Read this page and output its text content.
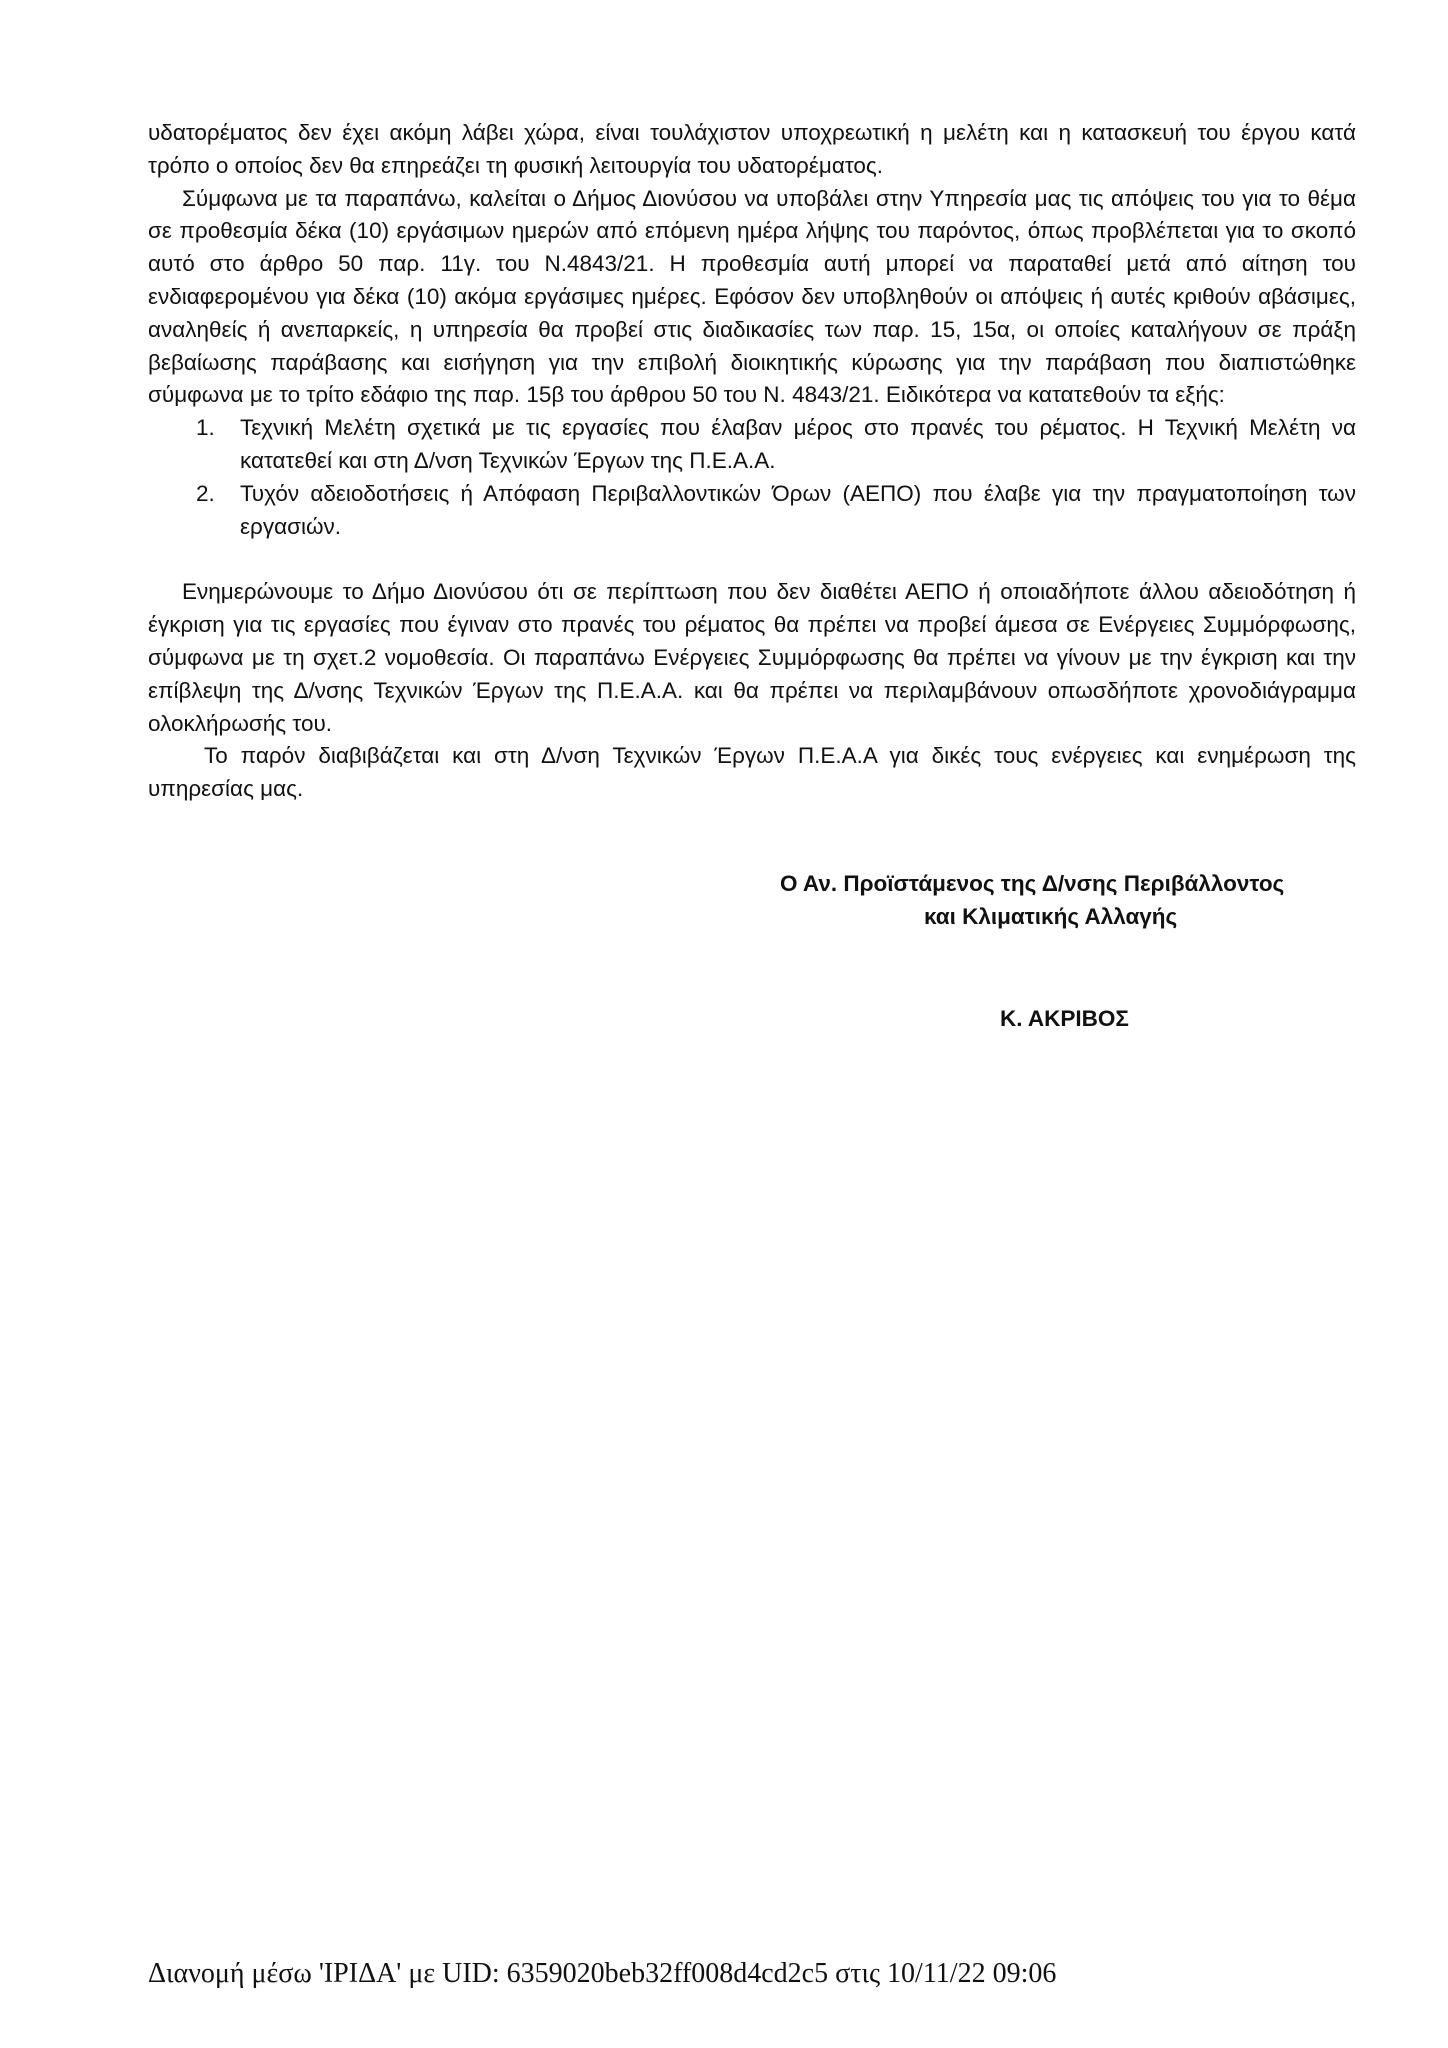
υδατορέματος δεν έχει ακόμη λάβει χώρα, είναι τουλάχιστον υποχρεωτική η μελέτη και η κατασκευή του έργου κατά τρόπο ο οποίος δεν θα επηρεάζει τη φυσική λειτουργία του υδατορέματος.

Σύμφωνα με τα παραπάνω, καλείται ο Δήμος Διονύσου να υποβάλει στην Υπηρεσία μας τις απόψεις του για το θέμα σε προθεσμία δέκα (10) εργάσιμων ημερών από επόμενη ημέρα λήψης του παρόντος, όπως προβλέπεται για το σκοπό αυτό στο άρθρο 50 παρ. 11γ. του Ν.4843/21. Η προθεσμία αυτή μπορεί να παραταθεί μετά από αίτηση του ενδιαφερομένου για δέκα (10) ακόμα εργάσιμες ημέρες. Εφόσον δεν υποβληθούν οι απόψεις ή αυτές κριθούν αβάσιμες, αναληθείς ή ανεπαρκείς, η υπηρεσία θα προβεί στις διαδικασίες των παρ. 15, 15α, οι οποίες καταλήγουν σε πράξη βεβαίωσης παράβασης και εισήγηση για την επιβολή διοικητικής κύρωσης για την παράβαση που διαπιστώθηκε σύμφωνα με το τρίτο εδάφιο της παρ. 15β του άρθρου 50 του Ν. 4843/21. Ειδικότερα να κατατεθούν τα εξής:

1. Τεχνική Μελέτη σχετικά με τις εργασίες που έλαβαν μέρος στο πρανές του ρέματος. Η Τεχνική Μελέτη να κατατεθεί και στη Δ/νση Τεχνικών Έργων της Π.Ε.Α.Α.
2. Τυχόν αδειοδοτήσεις ή Απόφαση Περιβαλλοντικών Όρων (ΑΕΠΟ) που έλαβε για την πραγματοποίηση των εργασιών.

Ενημερώνουμε το Δήμο Διονύσου ότι σε περίπτωση που δεν διαθέτει ΑΕΠΟ ή οποιαδήποτε άλλου αδειοδότηση ή έγκριση για τις εργασίες που έγιναν στο πρανές του ρέματος θα πρέπει να προβεί άμεσα σε Ενέργειες Συμμόρφωσης, σύμφωνα με τη σχετ.2 νομοθεσία. Οι παραπάνω Ενέργειες Συμμόρφωσης θα πρέπει να γίνουν με την έγκριση και την επίβλεψη της Δ/νσης Τεχνικών Έργων της Π.Ε.Α.Α. και θα πρέπει να περιλαμβάνουν οπωσδήποτε χρονοδιάγραμμα ολοκλήρωσής του.

Το παρόν διαβιβάζεται και στη Δ/νση Τεχνικών Έργων Π.Ε.Α.Α για δικές τους ενέργειες και ενημέρωση της υπηρεσίας μας.

Ο Αν. Προϊστάμενος της Δ/νσης Περιβάλλοντος
και Κλιματικής Αλλαγής
Κ. ΑΚΡΙΒΟΣ
Διανομή μέσω 'ΙΡΙΔΑ' με UID: 6359020beb32ff008d4cd2c5 στις 10/11/22 09:06
